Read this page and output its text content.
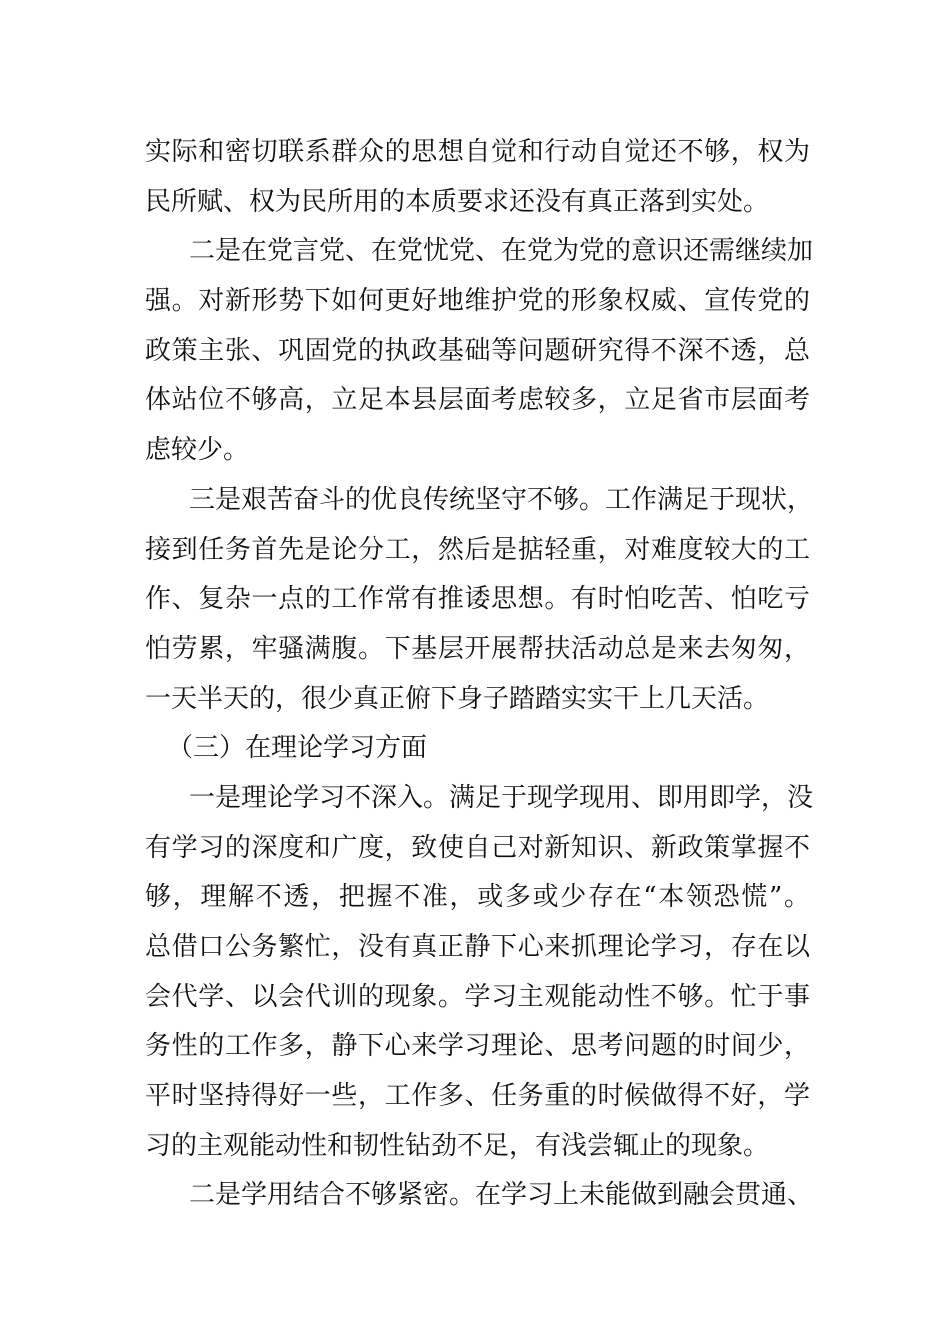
实际和密切联系群众的思想自觉和行动自觉还不够，权为
民所赋、权为民所用的本质要求还没有真正落到实处。
二是在党言党、在党忧党、在党为党的意识还需继续加
强。对新形势下如何更好地维护党的形象权威、宣传党的
政策主张、巩固党的执政基础等问题研究得不深不透，总
体站位不够高，立足本县层面考虑较多，立足省市层面考
虑较少。
三是艰苦奋斗的优良传统坚守不够。工作满足于现状，
接到任务首先是论分工，然后是掂轻重，对难度较大的工
作、复杂一点的工作常有推诿思想。有时怕吃苦、怕吃亏
怕劳累，牢骚满腹。下基层开展帮扶活动总是来去匆匆，
一天半天的，很少真正俯下身子踏踏实实干上几天活。
（三）在理论学习方面
一是理论学习不深入。满足于现学现用、即用即学，没
有学习的深度和广度，致使自己对新知识、新政策掌握不
够，理解不透，把握不准，或多或少存在“本领恐慌”。
总借口公务繁忙，没有真正静下心来抓理论学习，存在以
会代学、以会代训的现象。学习主观能动性不够。忙于事
务性的工作多，静下心来学习理论、思考问题的时间少，
平时坚持得好一些，工作多、任务重的时候做得不好，学
习的主观能动性和韧性钻劲不足，有浅尝辄止的现象。
二是学用结合不够紧密。在学习上未能做到融会贯通、
